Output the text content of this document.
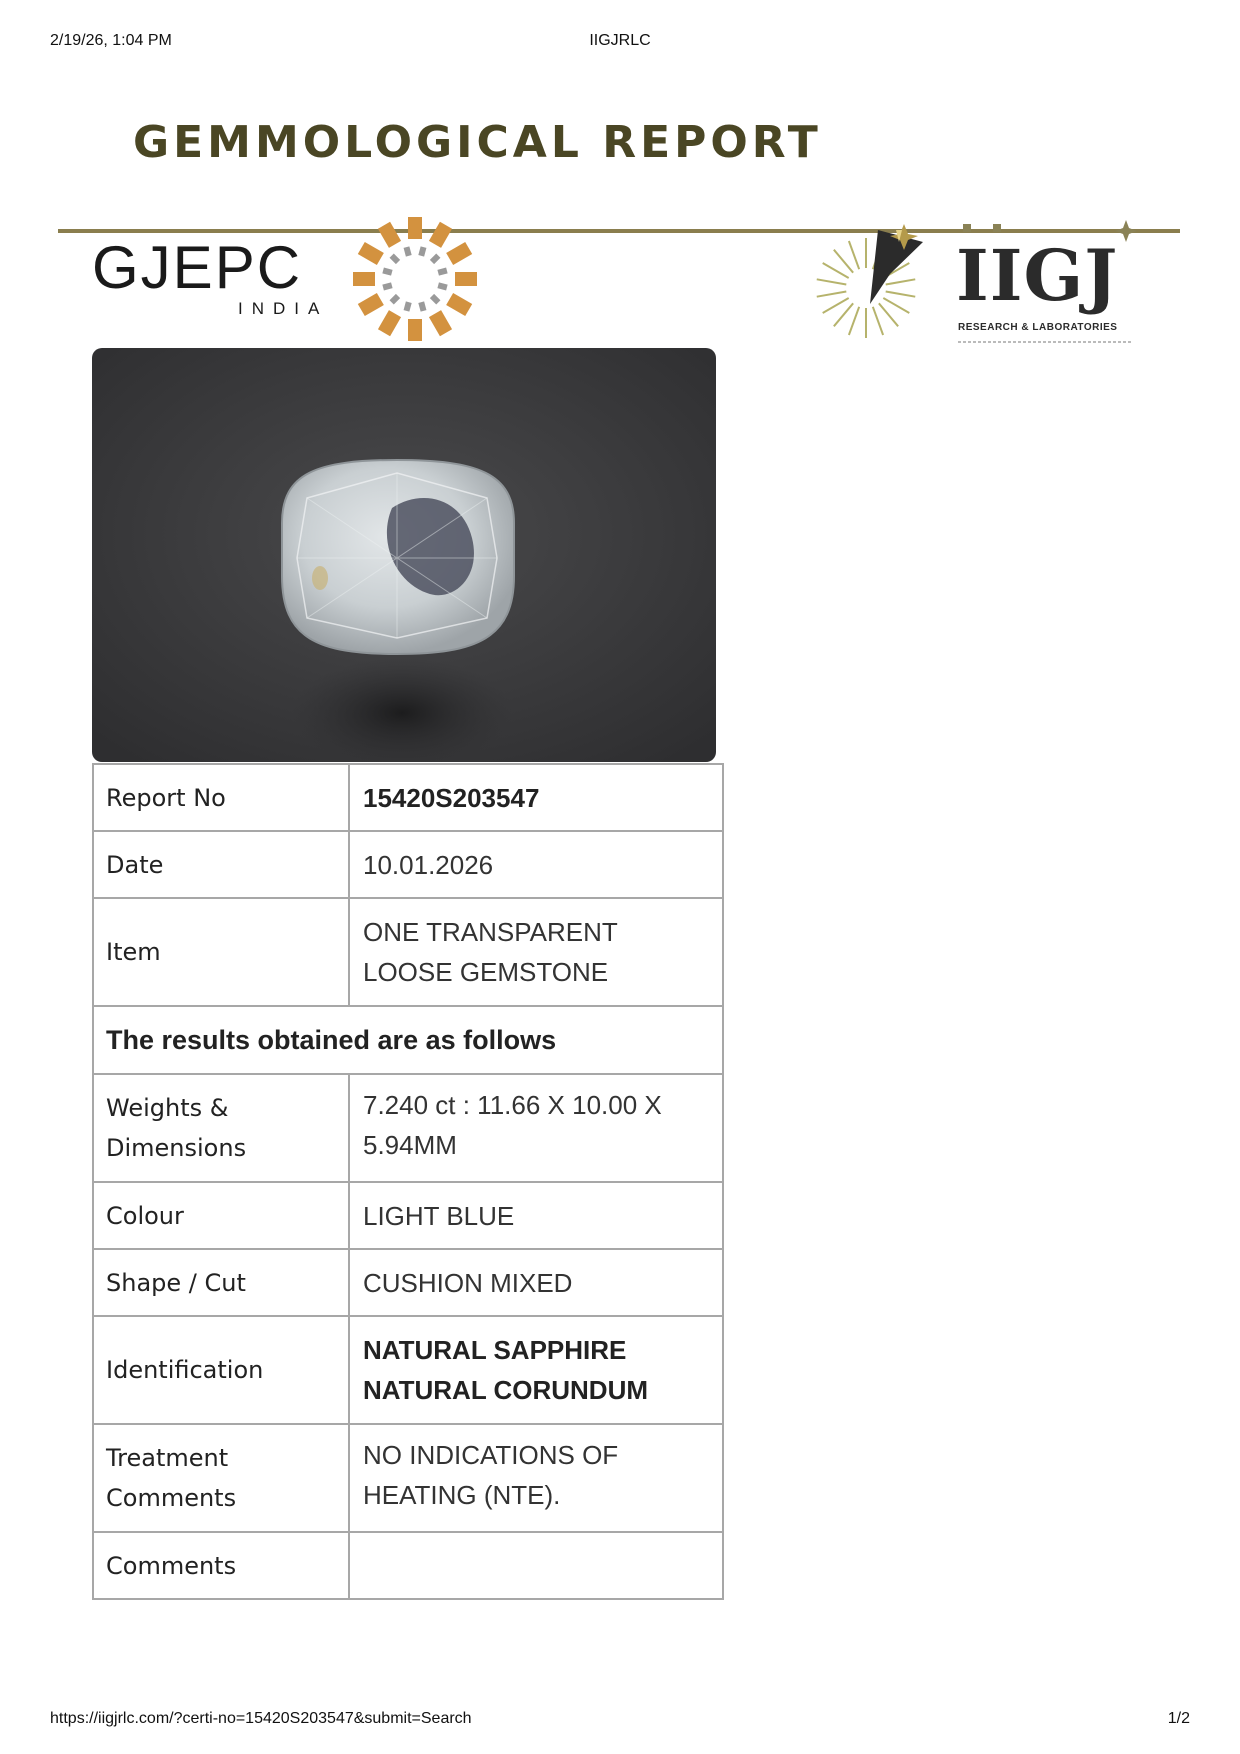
2/19/26, 1:04 PM	IIGJRLC
GEMMOLOGICAL REPORT
GJEPC
INDIA	IIGJ
RESEARCH & LABORATORIES
Report No	15420S203547
Date	10.01.2026
Item	ONE TRANSPARENT
LOOSE GEMSTONE

The results obtained are as follows	

Weights &
Dimensions	7.240 ct : 11.66 X 10.00 X
5.94MM

Colour	LIGHT BLUE
Shape / Cut	CUSHION MIXED
Identification	NATURAL SAPPHIRE
NATURAL CORUNDUM

Treatment
Comments	NO INDICATIONS OF
HEATING (NTE).

Comments	
https://iigjrlc.com/?certi-no=15420S203547&submit=Search	1/2
